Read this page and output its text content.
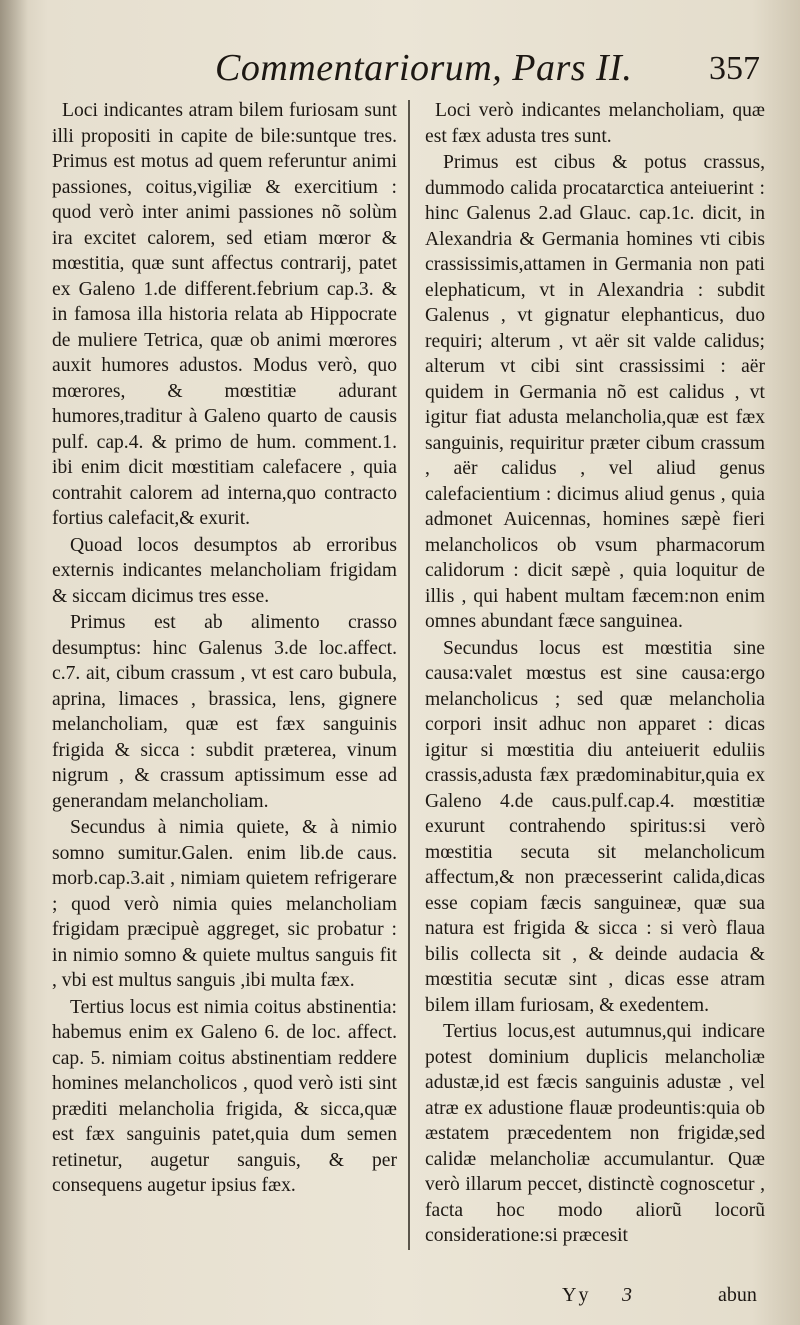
Commentariorum, Pars II. 357

Loci indicantes atram bilem furiosam sunt illi propositi in capite de bile:suntque tres. Primus est motus ad quem referuntur animi passiones, coitus,vigiliæ & exercitium : quod verò inter animi passiones nõ solùm ira excitet calorem, sed etiam mœror & mœstitia, quæ sunt affectus contrarij, patet ex Galeno 1.de different.febrium cap.3. & in famosa illa historia relata ab Hippocrate de muliere Tetrica, quæ ob animi mœrores auxit humores adustos. Modus verò, quo mœrores, & mœstitiæ adurant humores,traditur à Galeno quarto de causis pulf. cap.4. & primo de hum. comment.1. ibi enim dicit mœstitiam calefacere , quia contrahit calorem ad interna,quo contracto fortius calefacit,& exurit.

Quoad locos desumptos ab erroribus externis indicantes melancholiam frigidam & siccam dicimus tres esse.

Primus est ab alimento crasso desumptus: hinc Galenus 3.de loc.affect. c.7. ait, cibum crassum , vt est caro bubula, aprina, limaces , brassica, lens, gignere melancholiam, quæ est fæx sanguinis frigida & sicca : subdit præterea, vinum nigrum , & crassum aptissimum esse ad generandam melancholiam.

Secundus à nimia quiete, & à nimio somno sumitur.Galen. enim lib.de caus. morb.cap.3.ait , nimiam quietem refrigerare ; quod verò nimia quies melancholiam frigidam præcipuè aggreget, sic probatur : in nimio somno & quiete multus sanguis fit , vbi est multus sanguis ,ibi multa fæx.

Tertius locus est nimia coitus abstinentia: habemus enim ex Galeno 6. de loc. affect. cap. 5. nimiam coitus abstinentiam reddere homines melancholicos , quod verò isti sint præditi melancholia frigida, & sicca,quæ est fæx sanguinis patet,quia dum semen retinetur, augetur sanguis, & per consequens augetur ipsius fæx.

Loci verò indicantes melancholiam, quæ est fæx adusta tres sunt.

Primus est cibus & potus crassus, dummodo calida procatarctica anteiuerint : hinc Galenus 2.ad Glauc. cap.1c. dicit, in Alexandria & Germania homines vti cibis crassissimis,attamen in Germania non pati elephaticum, vt in Alexandria : subdit Galenus , vt gignatur elephanticus, duo requiri; alterum , vt aër sit valde calidus; alterum vt cibi sint crassissimi : aër quidem in Germania nõ est calidus , vt igitur fiat adusta melancholia,quæ est fæx sanguinis, requiritur præter cibum crassum , aër calidus , vel aliud genus calefacientium : dicimus aliud genus , quia admonet Auicennas, homines sæpè fieri melancholicos ob vsum pharmacorum calidorum : dicit sæpè , quia loquitur de illis , qui habent multam fæcem:non enim omnes abundant fæce sanguinea.

Secundus locus est mœstitia sine causa:valet mœstus est sine causa:ergo melancholicus ; sed quæ melancholia corpori insit adhuc non apparet : dicas igitur si mœstitia diu anteiuerit eduliis crassis,adusta fæx prædominabitur,quia ex Galeno 4.de caus.pulf.cap.4. mœstitiæ exurunt contrahendo spiritus:si verò mœstitia secuta sit melancholicum affectum,& non præcesserint calida,dicas esse copiam fæcis sanguineæ, quæ sua natura est frigida & sicca : si verò flaua bilis collecta sit , & deinde audacia & mœstitia secutæ sint , dicas esse atram bilem illam furiosam, & exedentem.

Tertius locus,est autumnus,qui indicare potest dominium duplicis melancholiæ adustæ,id est fæcis sanguinis adustæ , vel atræ ex adustione flauæ prodeuntis:quia ob æstatem præcedentem non frigidæ,sed calidæ melancholiæ accumulantur. Quæ verò illarum peccet, distinctè cognoscetur , facta hoc modo aliorũ locorũ consideratione:si præcesit

Yy 3	abun
